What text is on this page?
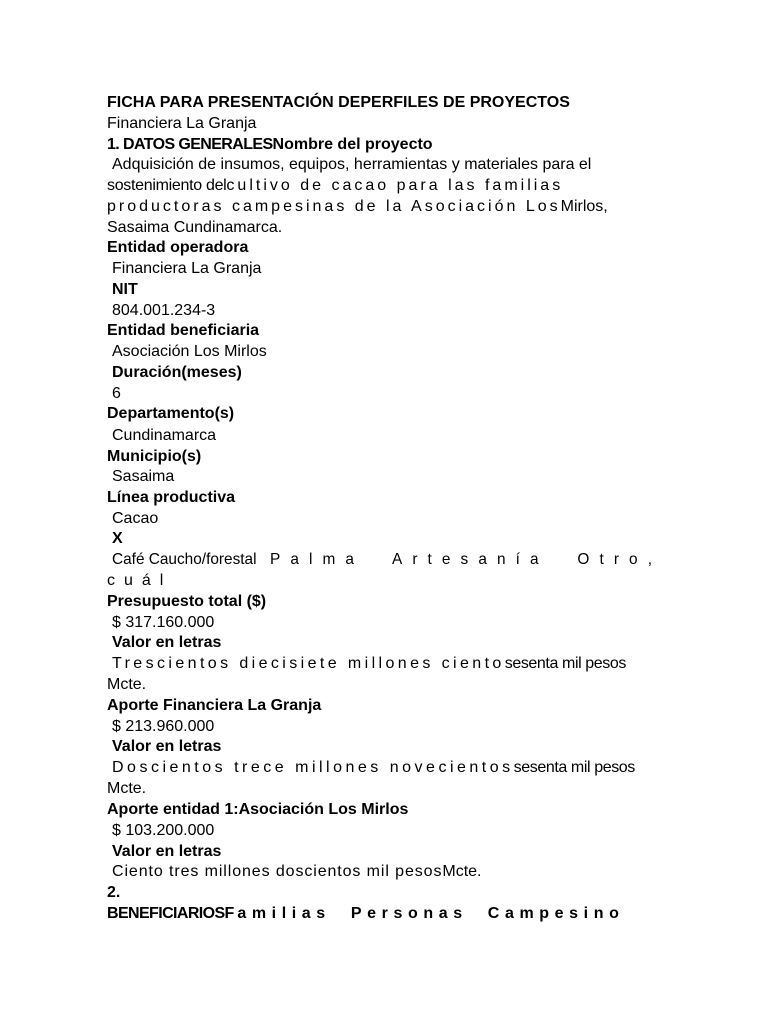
FICHA PARA PRESENTACIÓN DEPERFILES DE PROYECTOS
Financiera La Granja
1. DATOS GENERALESNombre del proyecto
Adquisición de insumos, equipos, herramientas y materiales para el
sostenimiento delcultivo de cacao para las familias
productoras campesinas de la Asociación LosMirlos,
Sasaima Cundinamarca.
Entidad operadora
Financiera La Granja
NIT
804.001.234-3
Entidad beneficiaria
Asociación Los Mirlos
Duración(meses)
6
Departamento(s)
Cundinamarca
Municipio(s)
Sasaima
Línea productiva
Cacao
X
Café Caucho/forestal Palma  Artesanía  Otro,
cuál
Presupuesto total ($)
$ 317.160.000
Valor en letras
Trescientos diecisiete millones cientosesenta mil pesos
Mcte.
Aporte Financiera La Granja
$ 213.960.000
Valor en letras
Doscientos trece millones novecientossesenta mil pesos
Mcte.
Aporte entidad 1:Asociación Los Mirlos
$ 103.200.000
Valor en letras
Ciento tres millones doscientos mil pesosMcte.
2.
BENEFICIARIOSF amilias  Personas  Campesino
